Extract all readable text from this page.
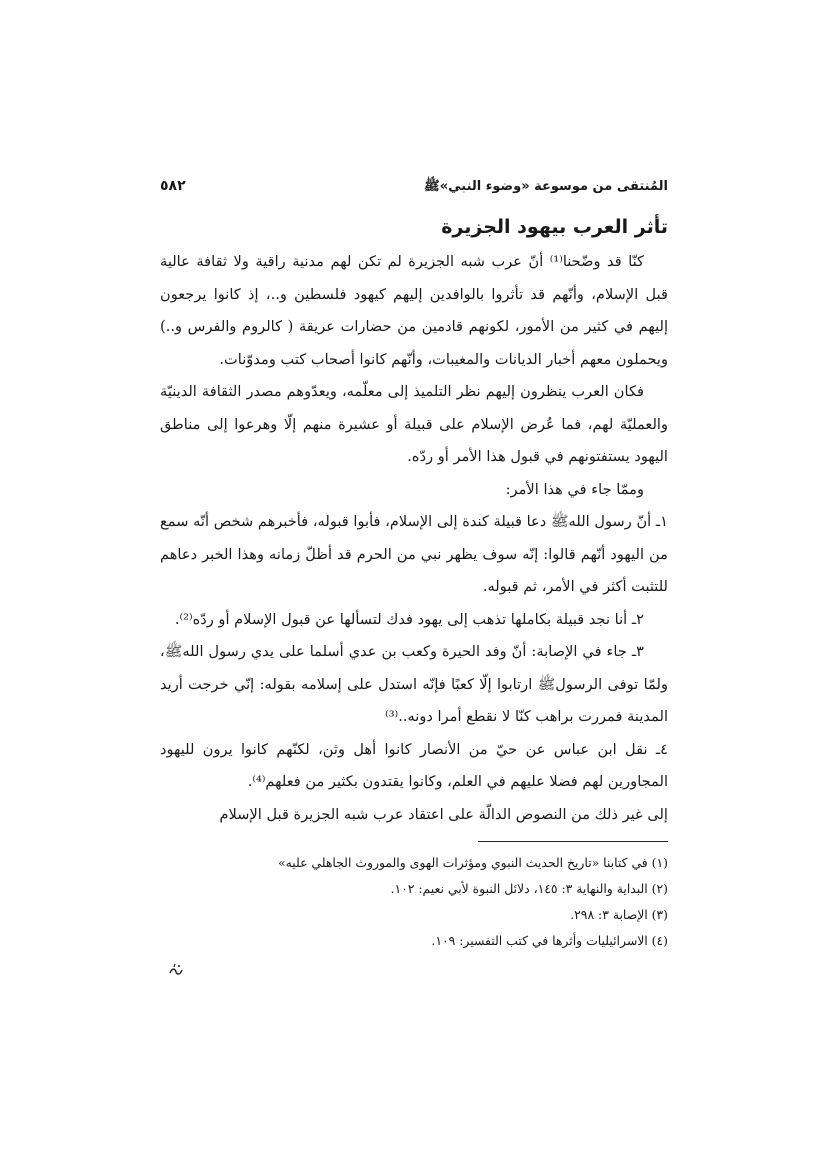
المُنتقى من موسوعة «وضوء النبي»ﷺ
٥٨٢
تأثر العرب بيهود الجزيرة

كنّا قد وضّحنا⁽¹⁾ أنّ عرب شبه الجزيرة لم تكن لهم مدنية راقية ولا ثقافة عالية قبل الإسلام، وأنّهم قد تأثروا بالوافدين إليهم كيهود فلسطين و..، إذ كانوا يرجعون إليهم في كثير من الأمور، لكونهم قادمين من حضارات عريقة ( كالروم والفرس و..) ويحملون معهم أخبار الديانات والمغيبات، وأنّهم كانوا أصحاب كتب ومدوّنات.

فكان العرب ينظرون إليهم نظر التلميذ إلى معلّمه، ويعدّوهم مصدر الثقافة الدينيّة والعمليّة لهم، فما عُرض الإسلام على قبيلة أو عشيرة منهم إلّا وهرعوا إلى مناطق اليهود يستفتونهم في قبول هذا الأمر أو ردّه.

وممّا جاء في هذا الأمر:

١ـ أنّ رسول اللهﷺ دعا قبيلة كندة إلى الإسلام، فأبوا قبوله، فأخبرهم شخص أنّه سمع من اليهود أنّهم قالوا: إنّه سوف يظهر نبي من الحرم قد أظلّ زمانه وهذا الخبر دعاهم للتثبت أكثر في الأمر، ثم قبوله.

٢ـ أنا نجد قبيلة بكاملها تذهب إلى يهود فدك لتسألها عن قبول الإسلام أو ردّه⁽²⁾.

٣ـ جاء في الإصابة: أنّ وفد الحيرة وكعب بن عدي أسلما على يدي رسول اللهﷺ، ولمّا توفى الرسولﷺ ارتابوا إلّا كعبًا فإنّه استدل على إسلامه بقوله: إنّي خرجت أريد المدينة فمررت براهب كنّا لا نقطع أمرا دونه..⁽³⁾

٤ـ نقل ابن عباس عن حيّ من الأنصار كانوا أهل وثن، لكنّهم كانوا يرون لليهود المجاورين لهم فضلا عليهم في العلم، وكانوا يقتدون بكثير من فعلهم⁽⁴⁾.

إلى غير ذلك من النصوص الدالّة على اعتقاد عرب شبه الجزيرة قبل الإسلام

(١) في كتابنا «تاريخ الحديث النبوي ومؤثرات الهوى والموروث الجاهلي عليه»

(٢) البداية والنهاية ٣: ١٤٥، دلائل النبوة لأبي نعيم: ١٠٢.

(٣) الإصابة ٣: ٢٩٨.

(٤) الاسرائيليات وأثرها في كتب التفسير: ١٠٩.
